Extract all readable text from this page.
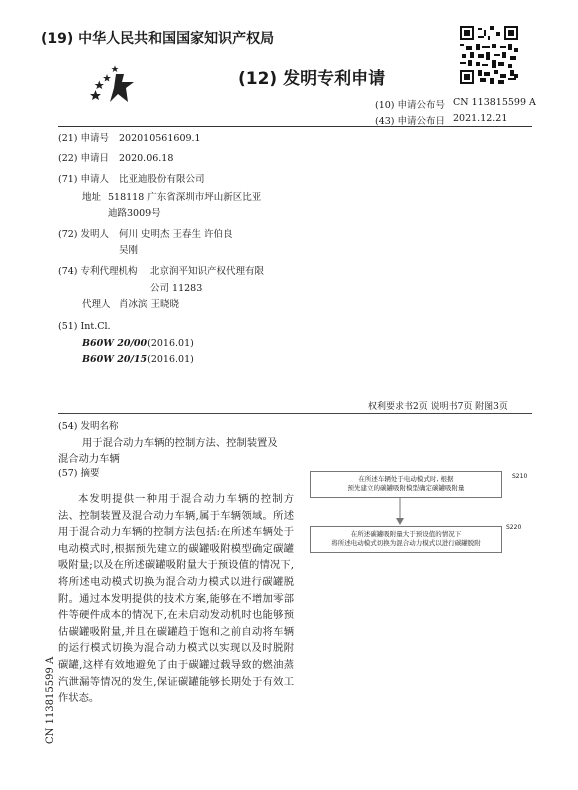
(19) 中华人民共和国国家知识产权局
(12) 发明专利申请
(10) 申请公布号 CN 113815599 A
(43) 申请公布日 2021.12.21
(21) 申请号 202010561609.1
(22) 申请日 2020.06.18
(71) 申请人 比亚迪股份有限公司
地址 518118 广东省深圳市坪山新区比亚
迪路3009号
(72) 发明人 何川 史明杰 王春生 许伯良
吴刚
(74) 专利代理机构 北京润平知识产权代理有限
公司 11283
代理人 肖冰滨 王晓晓
(51) Int.Cl.
B60W 20/00(2016.01)
B60W 20/15(2016.01)
权利要求书2页 说明书7页 附图3页
(54) 发明名称
用于混合动力车辆的控制方法、控制装置及
混合动力车辆
(57) 摘要
本发明提供一种用于混合动力车辆的控制方法、控制装置及混合动力车辆,属于车辆领域。所述用于混合动力车辆的控制方法包括:在所述车辆处于电动模式时,根据预先建立的碳罐吸附模型确定碳罐吸附量;以及在所述碳罐吸附量大于预设值的情况下,将所述电动模式切换为混合动力模式以进行碳罐脱附。通过本发明提供的技术方案,能够在不增加零部件等硬件成本的情况下,在未启动发动机时也能够预估碳罐吸附量,并且在碳罐趋于饱和之前自动将车辆的运行模式切换为混合动力模式以实现以及时脱附碳罐,这样有效地避免了由于碳罐过载导致的燃油蒸汽泄漏等情况的发生,保证碳罐能够长期处于有效工作状态。
CN 113815599 A
在所述车辆处于电动模式时, 根据
预先建立的碳罐吸附模型确定碳罐吸附量
S210
在所述碳罐吸附量大于预设值的情况下
将所述电动模式切换为混合动力模式以进行碳罐脱附
S220
